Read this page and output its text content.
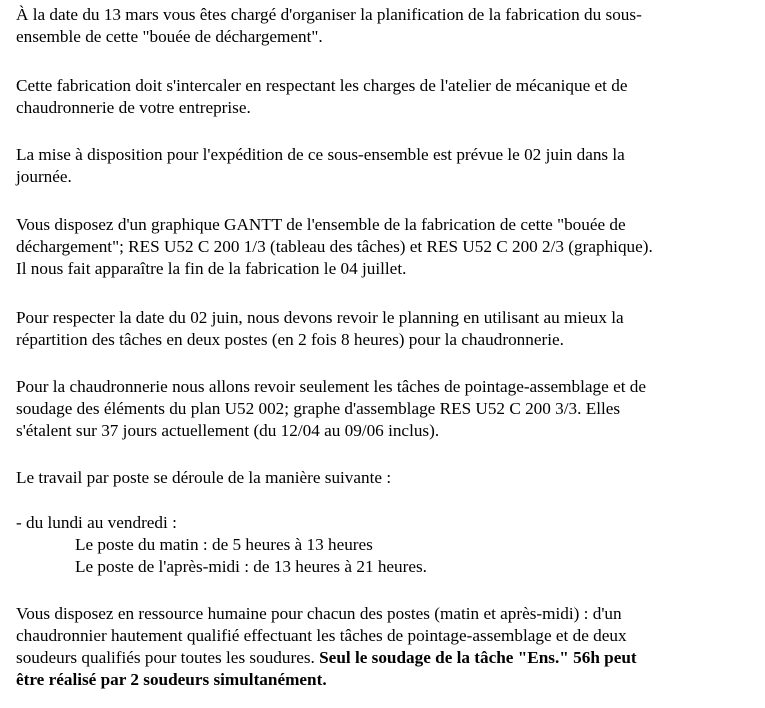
À la date du 13 mars vous êtes chargé d'organiser la planification de la fabrication du sous-
ensemble de cette "bouée de déchargement".

Cette fabrication doit s'intercaler en respectant les charges de l'atelier de mécanique et de
chaudronnerie de votre entreprise.

La mise à disposition pour l'expédition de ce sous-ensemble est prévue le 02 juin dans la
journée.

Vous disposez d'un graphique GANTT de l'ensemble de la fabrication de cette "bouée de
déchargement"; RES U52 C 200 1/3 (tableau des tâches) et RES U52 C 200 2/3 (graphique).
Il nous fait apparaître la fin de la fabrication le 04 juillet.

Pour respecter la date du 02 juin, nous devons revoir le planning en utilisant au mieux la
répartition des tâches en deux postes (en 2 fois 8 heures) pour la chaudronnerie.

Pour la chaudronnerie nous allons revoir seulement les tâches de pointage-assemblage et de
soudage des éléments du plan U52 002; graphe d'assemblage RES U52 C 200 3/3. Elles
s'étalent sur 37 jours actuellement (du 12/04 au 09/06 inclus).

Le travail par poste se déroule de la manière suivante :

- du lundi au vendredi :
Le poste du matin : de 5 heures à 13 heures
Le poste de l'après-midi : de 13 heures à 21 heures.

Vous disposez en ressource humaine pour chacun des postes (matin et après-midi) : d'un
chaudronnier hautement qualifié effectuant les tâches de pointage-assemblage et de deux
soudeurs qualifiés pour toutes les soudures. Seul le soudage de la tâche "Ens." 56h peut
être réalisé par 2 soudeurs simultanément.
